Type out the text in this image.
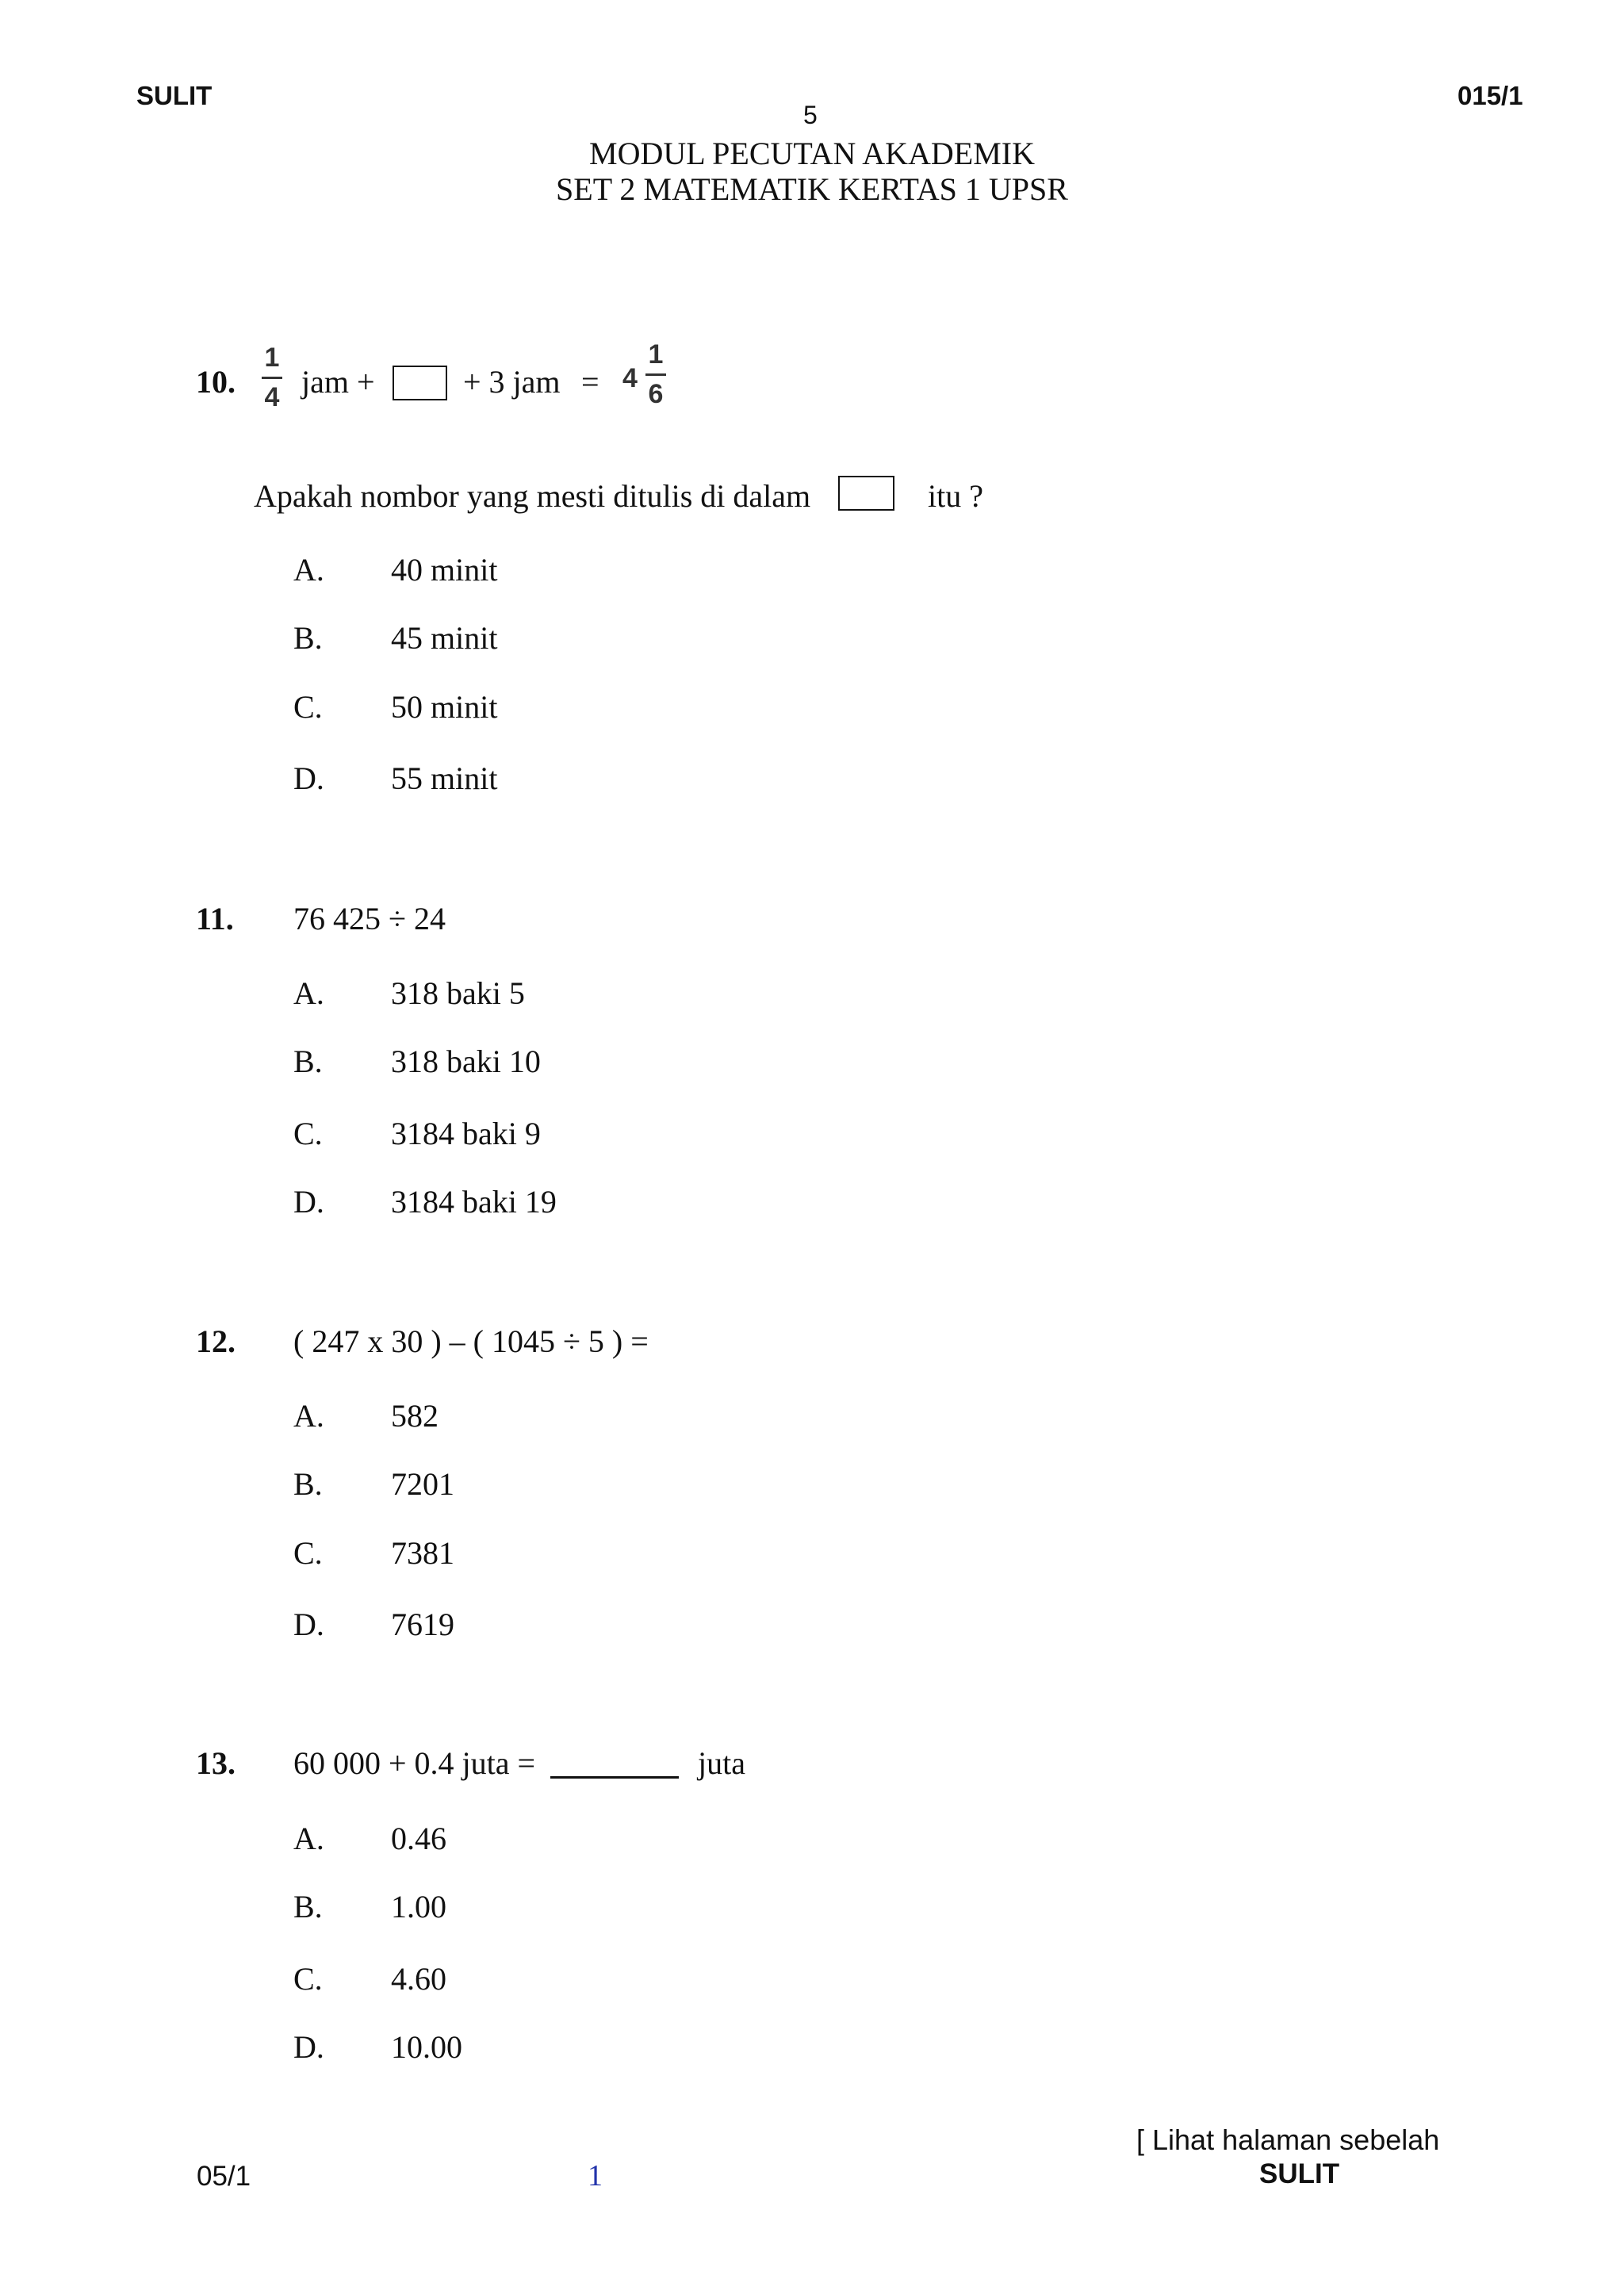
SULIT	015/1
5
MODUL PECUTAN AKADEMIK
SET 2 MATEMATIK KERTAS 1 UPSR
10.
1
4 jam +	+ 3 jam = 4
1
6
Apakah nombor yang mesti ditulis di dalam	itu ?
A. 40 minit
B. 45 minit
C. 50 minit
D. 55 minit
11. 76 425 ÷ 24
A. 318 baki 5
B. 318 baki 10
C. 3184 baki 9
D. 3184 baki 19
12. ( 247 x 30 ) – ( 1045 ÷ 5 ) =
A. 582
B. 7201
C. 7381
D. 7619
13. 60 000 + 0.4 juta =	juta
A. 0.46
B. 1.00
C. 4.60
D. 10.00
[ Lihat halaman sebelah
05/1	1	SULIT
